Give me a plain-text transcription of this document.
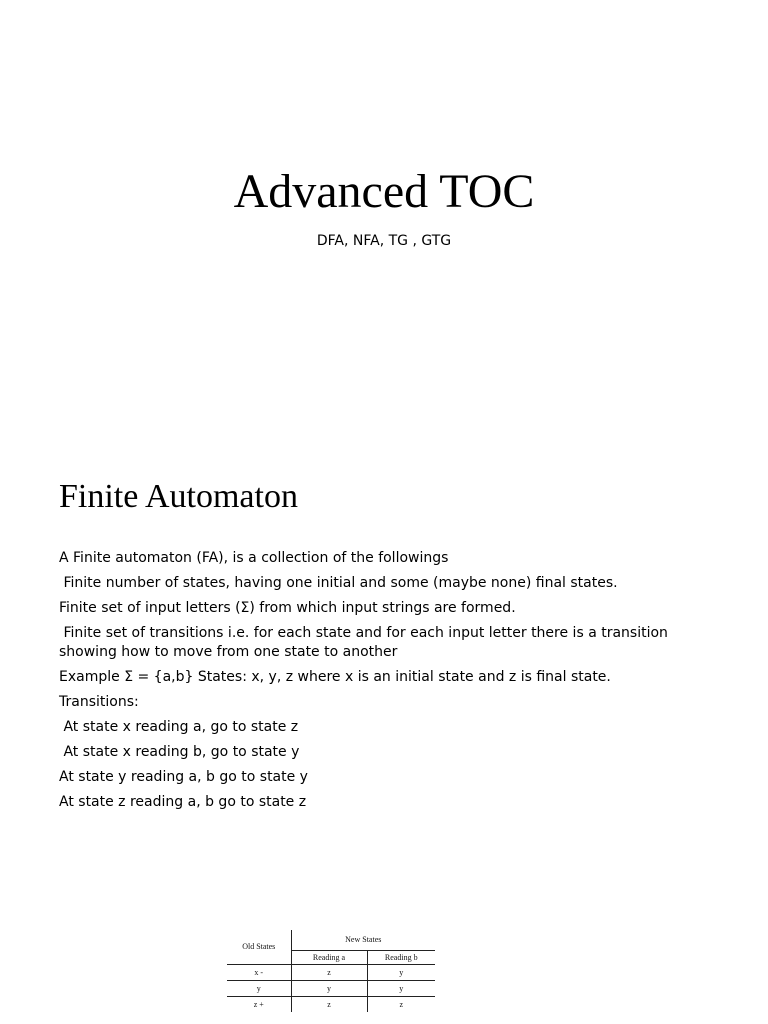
Advanced TOC
DFA, NFA, TG , GTG
Finite Automaton

A Finite automaton (FA), is a collection of the followings

Finite number of states, having one initial and some (maybe none) final states.

Finite set of input letters (Σ) from which input strings are formed.

Finite set of transitions i.e. for each state and for each input letter there is a transition

showing how to move from one state to another

Example Σ = {a,b} States: x, y, z where x is an initial state and z is final state.

Transitions:

At state x reading a, go to state z

At state x reading b, go to state y

At state y reading a, b go to state y

At state z reading a, b go to state z

Old States	New States	
	Reading a	Reading b
x -	z	y
y	y	y
z +	z	z
